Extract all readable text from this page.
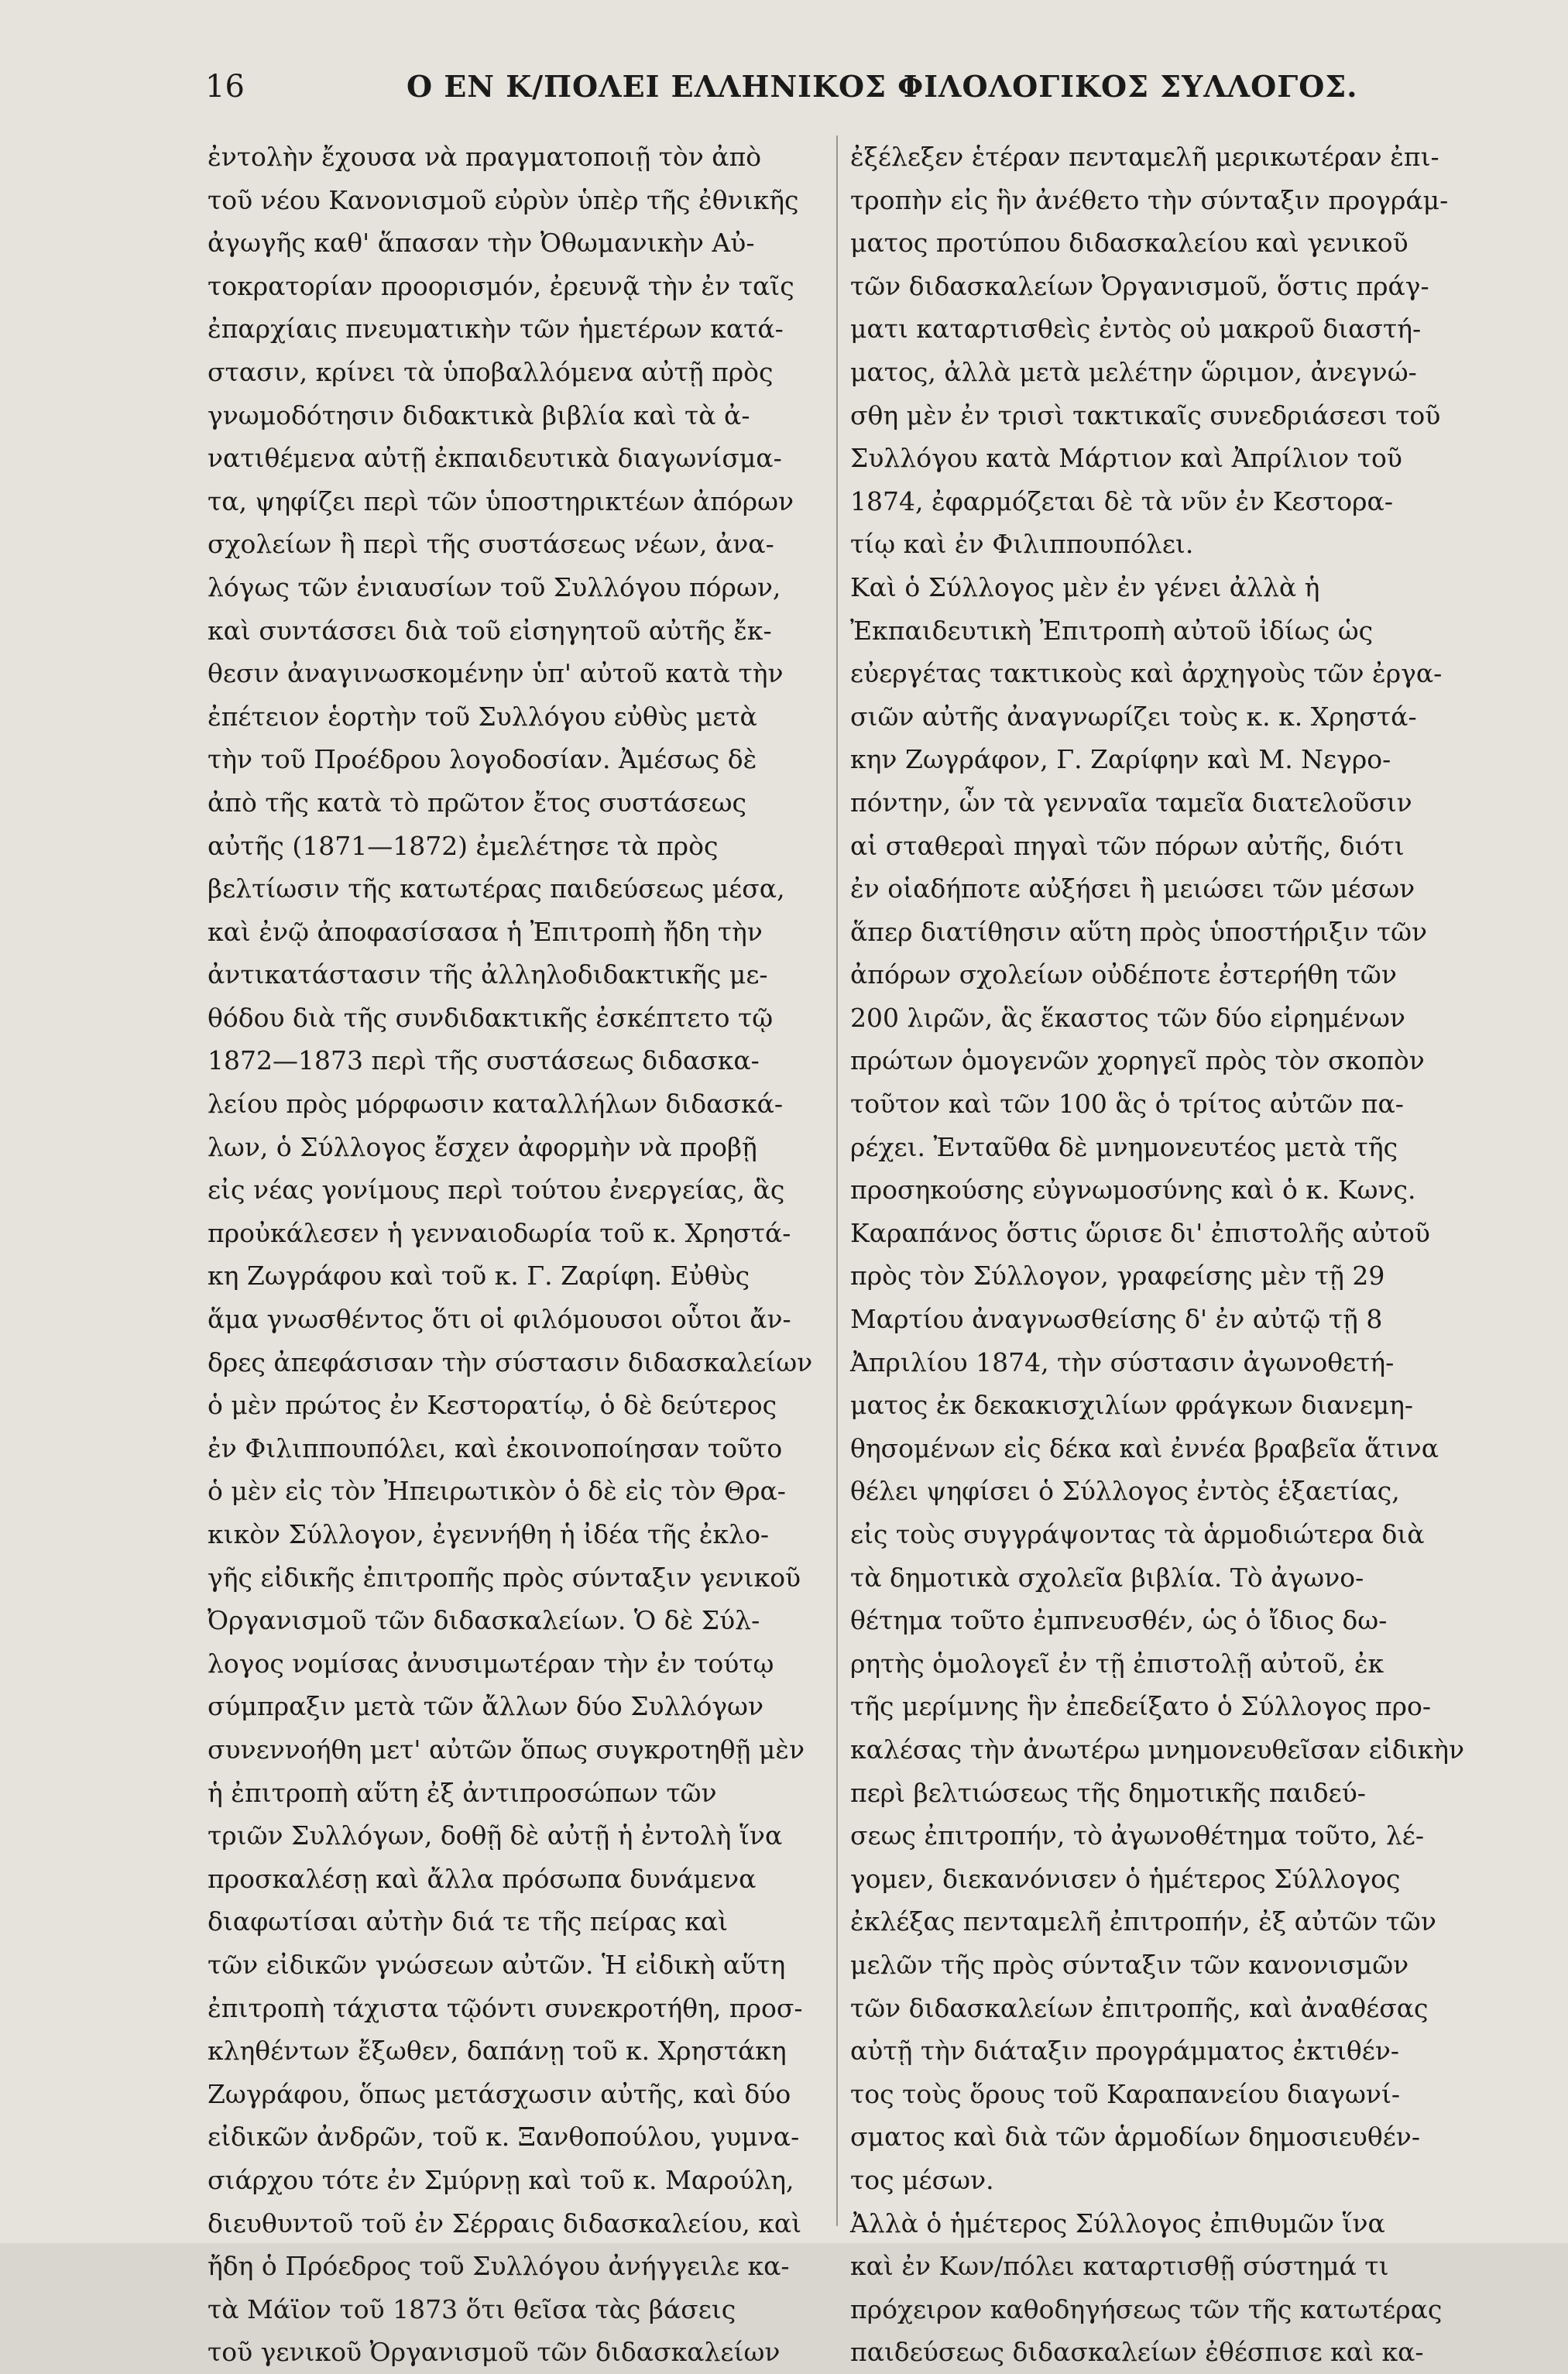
16	Ο ΕΝ Κ/ΠΟΛΕΙ ΕΛΛΗΝΙΚΟΣ ΦΙΛΟΛΟΓΙΚΟΣ ΣΥΛΛΟΓΟΣ.
ἐντολὴν ἔχουσα νὰ πραγματοποιῇ τὸν ἀπὸ
τοῦ νέου Κανονισμοῦ εὐρὺν ὑπὲρ τῆς ἐθνικῆς
ἀγωγῆς καθ' ἅπασαν τὴν Ὀθωμανικὴν Αὐ-
τοκρατορίαν προορισμόν, ἐρευνᾷ τὴν ἐν ταῖς
ἐπαρχίαις πνευματικὴν τῶν ἡμετέρων κατά-
στασιν, κρίνει τὰ ὑποβαλλόμενα αὐτῇ πρὸς
γνωμοδότησιν διδακτικὰ βιβλία καὶ τὰ ἀ-
νατιθέμενα αὐτῇ ἐκπαιδευτικὰ διαγωνίσμα-
τα, ψηφίζει περὶ τῶν ὑποστηρικτέων ἀπόρων
σχολείων ἢ περὶ τῆς συστάσεως νέων, ἀνα-
λόγως τῶν ἐνιαυσίων τοῦ Συλλόγου πόρων,
καὶ συντάσσει διὰ τοῦ εἰσηγητοῦ αὐτῆς ἔκ-
θεσιν ἀναγινωσκομένην ὑπ' αὐτοῦ κατὰ τὴν
ἐπέτειον ἑορτὴν τοῦ Συλλόγου εὐθὺς μετὰ
τὴν τοῦ Προέδρου λογοδοσίαν. Ἀμέσως δὲ
ἀπὸ τῆς κατὰ τὸ πρῶτον ἔτος συστάσεως
αὐτῆς (1871—1872) ἐμελέτησε τὰ πρὸς
βελτίωσιν τῆς κατωτέρας παιδεύσεως μέσα,
καὶ ἐνῷ ἀποφασίσασα ἡ Ἐπιτροπὴ ἤδη τὴν
ἀντικατάστασιν τῆς ἀλληλοδιδακτικῆς με-
θόδου διὰ τῆς συνδιδακτικῆς ἐσκέπτετο τῷ
1872—1873 περὶ τῆς συστάσεως διδασκα-
λείου πρὸς μόρφωσιν καταλλήλων διδασκά-
λων, ὁ Σύλλογος ἔσχεν ἀφορμὴν νὰ προβῇ
εἰς νέας γονίμους περὶ τούτου ἐνεργείας, ἃς
προὐκάλεσεν ἡ γενναιοδωρία τοῦ κ. Χρηστά-
κη Ζωγράφου καὶ τοῦ κ. Γ. Ζαρίφη. Εὐθὺς
ἅμα γνωσθέντος ὅτι οἱ φιλόμουσοι οὗτοι ἄν-
δρες ἀπεφάσισαν τὴν σύστασιν διδασκαλείων
ὁ μὲν πρώτος ἐν Κεστορατίῳ, ὁ δὲ δεύτερος
ἐν Φιλιππουπόλει, καὶ ἐκοινοποίησαν τοῦτο
ὁ μὲν εἰς τὸν Ἠπειρωτικὸν ὁ δὲ εἰς τὸν Θρα-
κικὸν Σύλλογον, ἐγεννήθη ἡ ἰδέα τῆς ἐκλο-
γῆς εἰδικῆς ἐπιτροπῆς πρὸς σύνταξιν γενικοῦ
Ὀργανισμοῦ τῶν διδασκαλείων. Ὁ δὲ Σύλ-
λογος νομίσας ἀνυσιμωτέραν τὴν ἐν τούτῳ
σύμπραξιν μετὰ τῶν ἄλλων δύο Συλλόγων
συνεννοήθη μετ' αὐτῶν ὅπως συγκροτηθῇ μὲν
ἡ ἐπιτροπὴ αὕτη ἐξ ἀντιπροσώπων τῶν
τριῶν Συλλόγων, δοθῇ δὲ αὐτῇ ἡ ἐντολὴ ἵνα
προσκαλέσῃ καὶ ἄλλα πρόσωπα δυνάμενα
διαφωτίσαι αὐτὴν διά τε τῆς πείρας καὶ
τῶν εἰδικῶν γνώσεων αὐτῶν. Ἡ εἰδικὴ αὕτη
ἐπιτροπὴ τάχιστα τῷόντι συνεκροτήθη, προσ-
κληθέντων ἔξωθεν, δαπάνῃ τοῦ κ. Χρηστάκη
Ζωγράφου, ὅπως μετάσχωσιν αὐτῆς, καὶ δύο
εἰδικῶν ἀνδρῶν, τοῦ κ. Ξανθοπούλου, γυμνα-
σιάρχου τότε ἐν Σμύρνῃ καὶ τοῦ κ. Μαρούλη,
διευθυντοῦ τοῦ ἐν Σέρραις διδασκαλείου, καὶ
ἤδη ὁ Πρόεδρος τοῦ Συλλόγου ἀνήγγειλε κα-
τὰ Μάϊον τοῦ 1873 ὅτι θεῖσα τὰς βάσεις
τοῦ γενικοῦ Ὀργανισμοῦ τῶν διδασκαλείων
ἐξέλεξεν ἑτέραν πενταμελῆ μερικωτέραν ἐπι-
τροπὴν εἰς ἣν ἀνέθετο τὴν σύνταξιν προγράμ-
ματος προτύπου διδασκαλείου καὶ γενικοῦ
τῶν διδασκαλείων Ὀργανισμοῦ, ὅστις πράγ-
ματι καταρτισθεὶς ἐντὸς οὐ μακροῦ διαστή-
ματος, ἀλλὰ μετὰ μελέτην ὥριμον, ἀνεγνώ-
σθη μὲν ἐν τρισὶ τακτικαῖς συνεδριάσεσι τοῦ
Συλλόγου κατὰ Μάρτιον καὶ Ἀπρίλιον τοῦ
1874, ἐφαρμόζεται δὲ τὰ νῦν ἐν Κεστορα-
τίῳ καὶ ἐν Φιλιππουπόλει.
Καὶ ὁ Σύλλογος μὲν ἐν γένει ἀλλὰ ἡ
Ἐκπαιδευτικὴ Ἐπιτροπὴ αὐτοῦ ἰδίως ὡς
εὐεργέτας τακτικοὺς καὶ ἀρχηγοὺς τῶν ἐργα-
σιῶν αὐτῆς ἀναγνωρίζει τοὺς κ. κ. Χρηστά-
κην Ζωγράφον, Γ. Ζαρίφην καὶ Μ. Νεγρο-
πόντην, ὧν τὰ γενναῖα ταμεῖα διατελοῦσιν
αἱ σταθεραὶ πηγαὶ τῶν πόρων αὐτῆς, διότι
ἐν οἱαδήποτε αὐξήσει ἢ μειώσει τῶν μέσων
ἅπερ διατίθησιν αὕτη πρὸς ὑποστήριξιν τῶν
ἀπόρων σχολείων οὐδέποτε ἐστερήθη τῶν
200 λιρῶν, ἃς ἕκαστος τῶν δύο εἰρημένων
πρώτων ὁμογενῶν χορηγεῖ πρὸς τὸν σκοπὸν
τοῦτον καὶ τῶν 100 ἃς ὁ τρίτος αὐτῶν πα-
ρέχει. Ἐνταῦθα δὲ μνημονευτέος μετὰ τῆς
προσηκούσης εὐγνωμοσύνης καὶ ὁ κ. Κωνς.
Καραπάνος ὅστις ὥρισε δι' ἐπιστολῆς αὐτοῦ
πρὸς τὸν Σύλλογον, γραφείσης μὲν τῇ 29
Μαρτίου ἀναγνωσθείσης δ' ἐν αὐτῷ τῇ 8
Ἀπριλίου 1874, τὴν σύστασιν ἀγωνοθετή-
ματος ἐκ δεκακισχιλίων φράγκων διανεμη-
θησομένων εἰς δέκα καὶ ἐννέα βραβεῖα ἅτινα
θέλει ψηφίσει ὁ Σύλλογος ἐντὸς ἑξαετίας,
εἰς τοὺς συγγράψοντας τὰ ἁρμοδιώτερα διὰ
τὰ δημοτικὰ σχολεῖα βιβλία. Τὸ ἀγωνο-
θέτημα τοῦτο ἐμπνευσθέν, ὡς ὁ ἴδιος δω-
ρητὴς ὁμολογεῖ ἐν τῇ ἐπιστολῇ αὐτοῦ, ἐκ
τῆς μερίμνης ἣν ἐπεδείξατο ὁ Σύλλογος προ-
καλέσας τὴν ἀνωτέρω μνημονευθεῖσαν εἰδικὴν
περὶ βελτιώσεως τῆς δημοτικῆς παιδεύ-
σεως ἐπιτροπήν, τὸ ἀγωνοθέτημα τοῦτο, λέ-
γομεν, διεκανόνισεν ὁ ἡμέτερος Σύλλογος
ἐκλέξας πενταμελῆ ἐπιτροπήν, ἐξ αὐτῶν τῶν
μελῶν τῆς πρὸς σύνταξιν τῶν κανονισμῶν
τῶν διδασκαλείων ἐπιτροπῆς, καὶ ἀναθέσας
αὐτῇ τὴν διάταξιν προγράμματος ἐκτιθέν-
τος τοὺς ὅρους τοῦ Καραπανείου διαγωνί-
σματος καὶ διὰ τῶν ἁρμοδίων δημοσιευθέν-
τος μέσων.
Ἀλλὰ ὁ ἡμέτερος Σύλλογος ἐπιθυμῶν ἵνα
καὶ ἐν Κων/πόλει καταρτισθῇ σύστημά τι
πρόχειρον καθοδηγήσεως τῶν τῆς κατωτέρας
παιδεύσεως διδασκαλείων ἐθέσπισε καὶ κα-
